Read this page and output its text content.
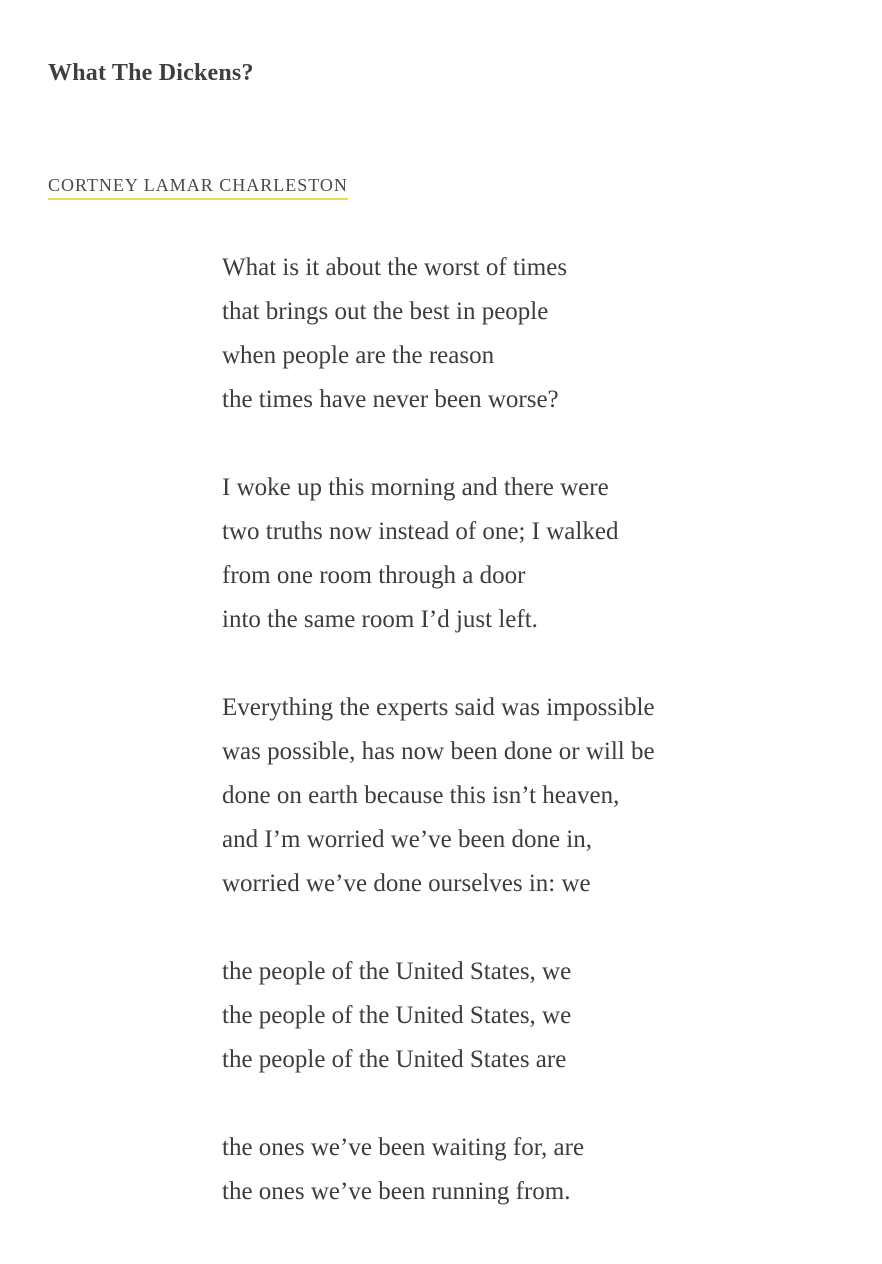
What The Dickens?
CORTNEY LAMAR CHARLESTON
What is it about the worst of times
that brings out the best in people
when people are the reason
the times have never been worse?
I woke up this morning and there were
two truths now instead of one; I walked
from one room through a door
into the same room I’d just left.
Everything the experts said was impossible
was possible, has now been done or will be
done on earth because this isn’t heaven,
and I’m worried we’ve been done in,
worried we’ve done ourselves in: we
the people of the United States, we
the people of the United States, we
the people of the United States are
the ones we’ve been waiting for, are
the ones we’ve been running from.
